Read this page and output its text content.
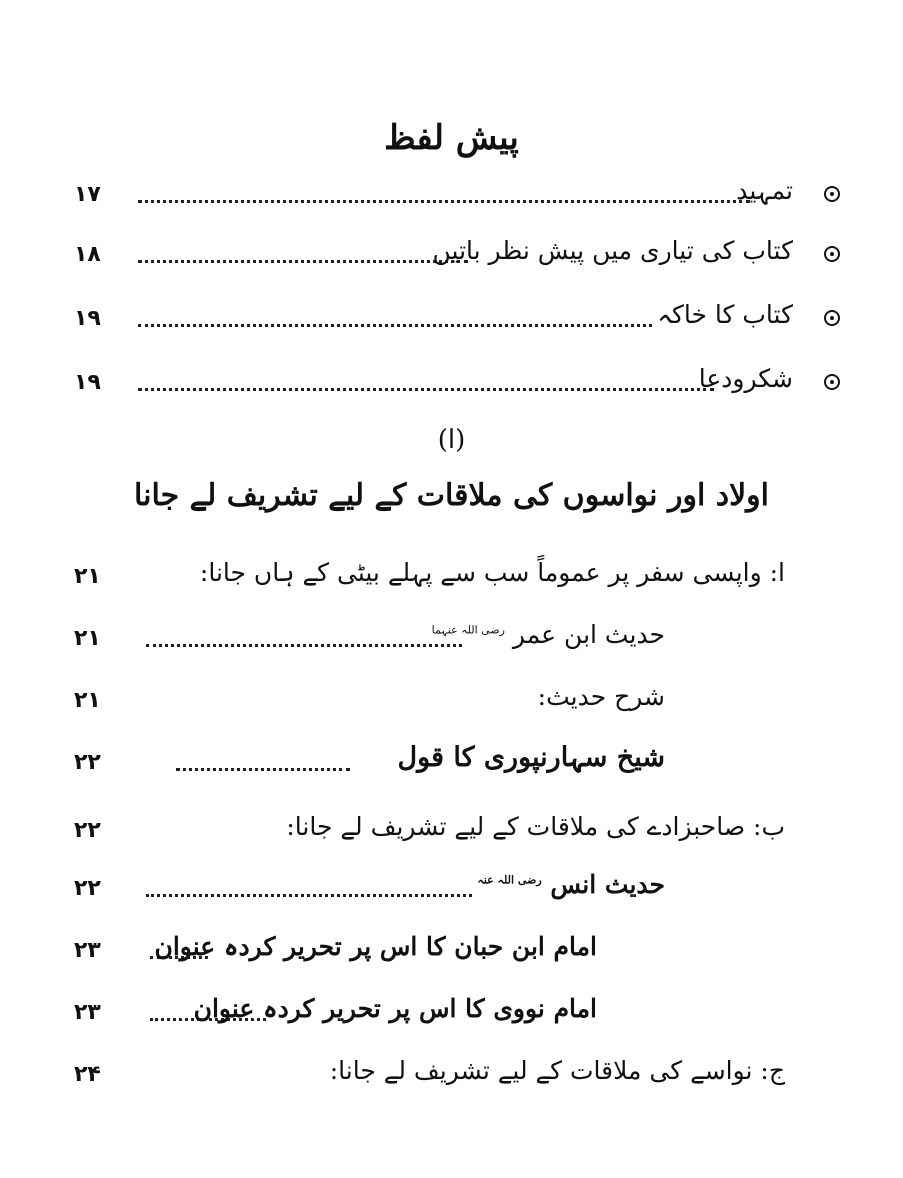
پیش لفظ
۱۷	تمہید
۱۸	کتاب کی تیاری میں پیش نظر باتیں
۱۹	کتاب کا خاکہ
۱۹	شکرودعا
(ا)
اولاد اور نواسوں کی ملاقات کے لیے تشریف لے جانا
۲۱	ا: واپسی سفر پر عموماً سب سے پہلے بیٹی کے ہاں جانا:
۲۱	حدیث ابن عمر $^{رضی اللہ عنہما}$
۲۱	شرح حدیث:
۲۲	شیخ سہارنپوری کا قول
۲۲	ب: صاحبزادے کی ملاقات کے لیے تشریف لے جانا:
۲۲	حدیث انس $^{رضی اللہ عنہ}$
۲۳	امام ابن حبان کا اس پر تحریر کردہ عنوان
۲۳	امام نووی کا اس پر تحریر کردہ عنوان
۲۴	ج: نواسے کی ملاقات کے لیے تشریف لے جانا:
